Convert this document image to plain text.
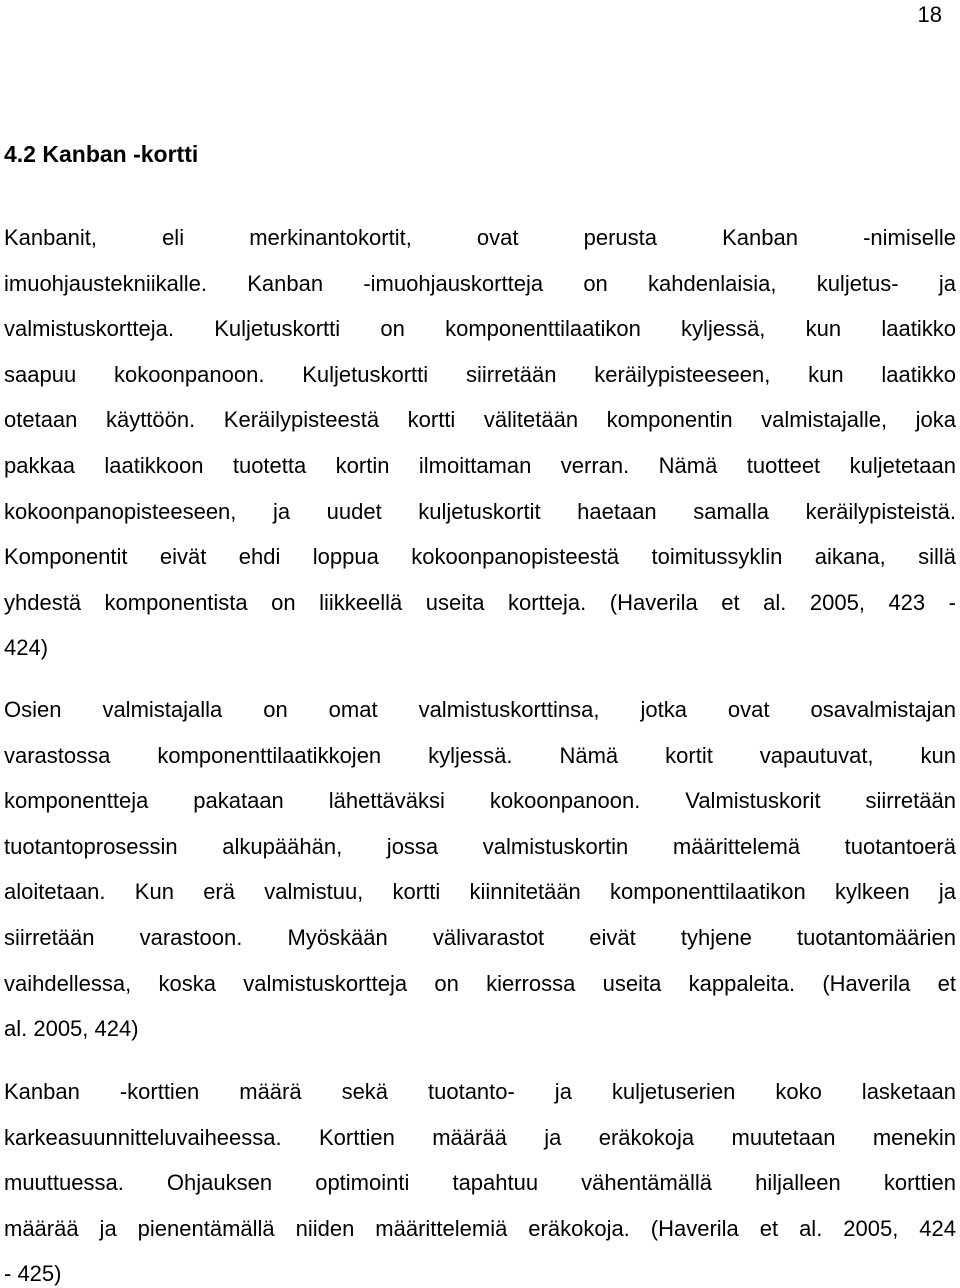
18
4.2 Kanban -kortti
Kanbanit, eli merkinantokortit, ovat perusta Kanban -nimiselle
imuohjaustekniikalle. Kanban -imuohjauskortteja on kahdenlaisia, kuljetus- ja
valmistuskortteja. Kuljetuskortti on komponenttilaatikon kyljessä, kun laatikko
saapuu kokoonpanoon. Kuljetuskortti siirretään keräilypisteeseen, kun laatikko
otetaan käyttöön. Keräilypisteestä kortti välitetään komponentin valmistajalle, joka
pakkaa laatikkoon tuotetta kortin ilmoittaman verran. Nämä tuotteet kuljetetaan
kokoonpanopisteeseen, ja uudet kuljetuskortit haetaan samalla keräilypisteistä.
Komponentit eivät ehdi loppua kokoonpanopisteestä toimitussyklin aikana, sillä
yhdestä komponentista on liikkeellä useita kortteja. (Haverila et al. 2005, 423 -
424)
Osien valmistajalla on omat valmistuskorttinsa, jotka ovat osavalmistajan
varastossa komponenttilaatikkojen kyljessä. Nämä kortit vapautuvat, kun
komponentteja pakataan lähettäväksi kokoonpanoon. Valmistuskorit siirretään
tuotantoprosessin alkupäähän, jossa valmistuskortin määrittelemä tuotantoerä
aloitetaan. Kun erä valmistuu, kortti kiinnitetään komponenttilaatikon kylkeen ja
siirretään varastoon. Myöskään välivarastot eivät tyhjene tuotantomäärien
vaihdellessa, koska valmistuskortteja on kierrossa useita kappaleita. (Haverila et
al. 2005, 424)
Kanban -korttien määrä sekä tuotanto- ja kuljetuserien koko lasketaan
karkeasuunnitteluvaiheessa. Korttien määrää ja eräkokoja muutetaan menekin
muuttuessa. Ohjauksen optimointi tapahtuu vähentämällä hiljalleen korttien
määrää ja pienentämällä niiden määrittelemiä eräkokoja. (Haverila et al. 2005, 424
- 425)
